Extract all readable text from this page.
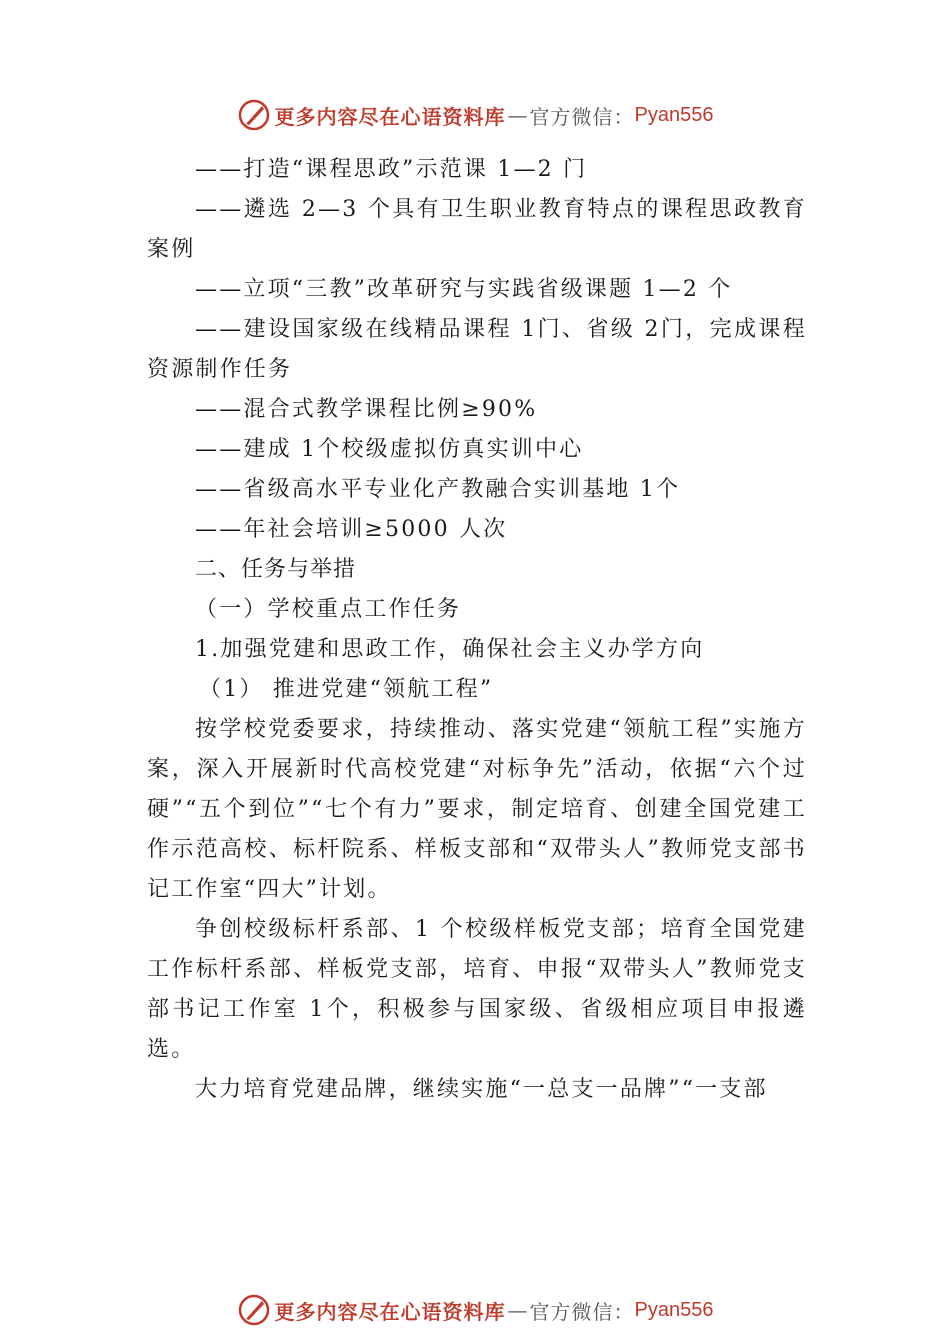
更多内容尽在心语资料库 — 官方微信： Pyan556

——打造“课程思政”示范课 1—2 门

——遴选 2—3 个具有卫生职业教育特点的课程思政教育案例

——立项“三教”改革研究与实践省级课题 1—2 个

——建设国家级在线精品课程 1门、省级 2门，完成课程资源制作任务

——混合式教学课程比例≥90%

——建成 1个校级虚拟仿真实训中心

——省级高水平专业化产教融合实训基地 1个

——年社会培训≥5000 人次

二、任务与举措

（一）学校重点工作任务

1.加强党建和思政工作，确保社会主义办学方向

（1） 推进党建“领航工程”

按学校党委要求，持续推动、落实党建“领航工程”实施方案，深入开展新时代高校党建“对标争先”活动，依据“六个过硬”“五个到位”“七个有力”要求，制定培育、创建全国党建工作示范高校、标杆院系、样板支部和“双带头人”教师党支部书记工作室“四大”计划。

争创校级标杆系部、1 个校级样板党支部；培育全国党建工作标杆系部、样板党支部，培育、申报“双带头人”教师党支部书记工作室 1个，积极参与国家级、省级相应项目申报遴选。

大力培育党建品牌，继续实施“一总支一品牌”“一支部

更多内容尽在心语资料库 — 官方微信： Pyan556
